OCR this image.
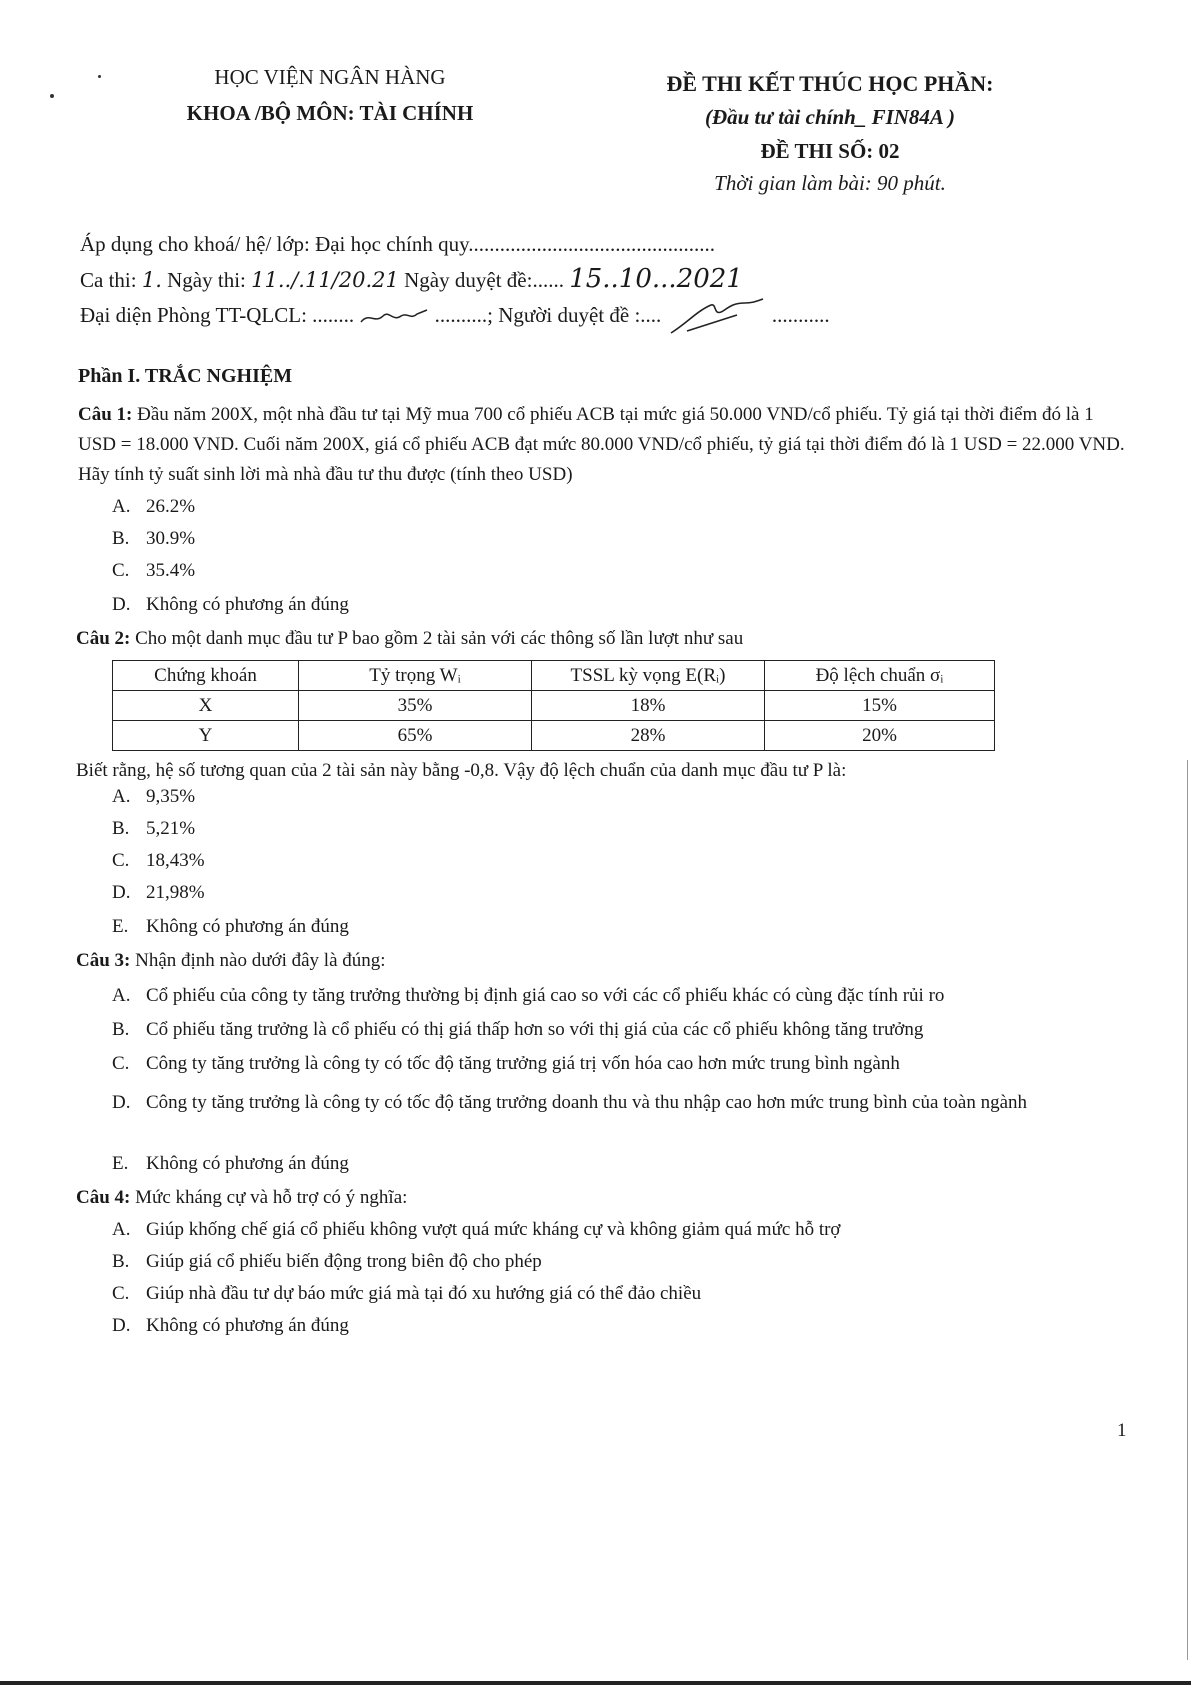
HỌC VIỆN NGÂN HÀNG
KHOA /BỘ MÔN: TÀI CHÍNH
ĐỀ THI KẾT THÚC HỌC PHẦN:
(Đầu tư tài chính_ FIN84A )
ĐỀ THI SỐ: 02
Thời gian làm bài: 90 phút.
Áp dụng cho khoá/ hệ/ lớp: Đại học chính quy...............................................
Ca thi: 1. Ngày thi: 11../.11/20.21 Ngày duyệt đề:...... 15..10...2021
Đại diện Phòng TT-QLCL: ........	..........; Người duyệt đề :....	...........
Phần I. TRẮC NGHIỆM
Câu 1: Đầu năm 200X, một nhà đầu tư tại Mỹ mua 700 cổ phiếu ACB tại mức giá 50.000 VND/cổ phiếu. Tỷ giá tại thời điểm đó là 1 USD = 18.000 VND. Cuối năm 200X, giá cổ phiếu ACB đạt mức 80.000 VND/cổ phiếu, tỷ giá tại thời điểm đó là 1 USD = 22.000 VND. Hãy tính tỷ suất sinh lời mà nhà đầu tư thu được (tính theo USD)
A. 26.2%
B. 30.9%
C. 35.4%
D. Không có phương án đúng
Câu 2: Cho một danh mục đầu tư P bao gồm 2 tài sản với các thông số lần lượt như sau
Chứng khoán	Tỷ trọng Wᵢ	TSSL kỳ vọng E(Rᵢ)	Độ lệch chuẩn σᵢ
X	35%	18%	15%
Y	65%	28%	20%
Biết rằng, hệ số tương quan của 2 tài sản này bằng -0,8. Vậy độ lệch chuẩn của danh mục đầu tư P là:
A. 9,35%
B. 5,21%
C. 18,43%
D. 21,98%
E. Không có phương án đúng
Câu 3: Nhận định nào dưới đây là đúng:
A. Cổ phiếu của công ty tăng trưởng thường bị định giá cao so với các cổ phiếu khác có cùng đặc tính rủi ro
B. Cổ phiếu tăng trưởng là cổ phiếu có thị giá thấp hơn so với thị giá của các cổ phiếu không tăng trưởng
C. Công ty tăng trưởng là công ty có tốc độ tăng trưởng giá trị vốn hóa cao hơn mức trung bình ngành
D. Công ty tăng trưởng là công ty có tốc độ tăng trưởng doanh thu và thu nhập cao hơn mức trung bình của toàn ngành
E. Không có phương án đúng
Câu 4: Mức kháng cự và hỗ trợ có ý nghĩa:
A. Giúp khống chế giá cổ phiếu không vượt quá mức kháng cự và không giảm quá mức hỗ trợ
B. Giúp giá cổ phiếu biến động trong biên độ cho phép
C. Giúp nhà đầu tư dự báo mức giá mà tại đó xu hướng giá có thể đảo chiều
D. Không có phương án đúng
1
